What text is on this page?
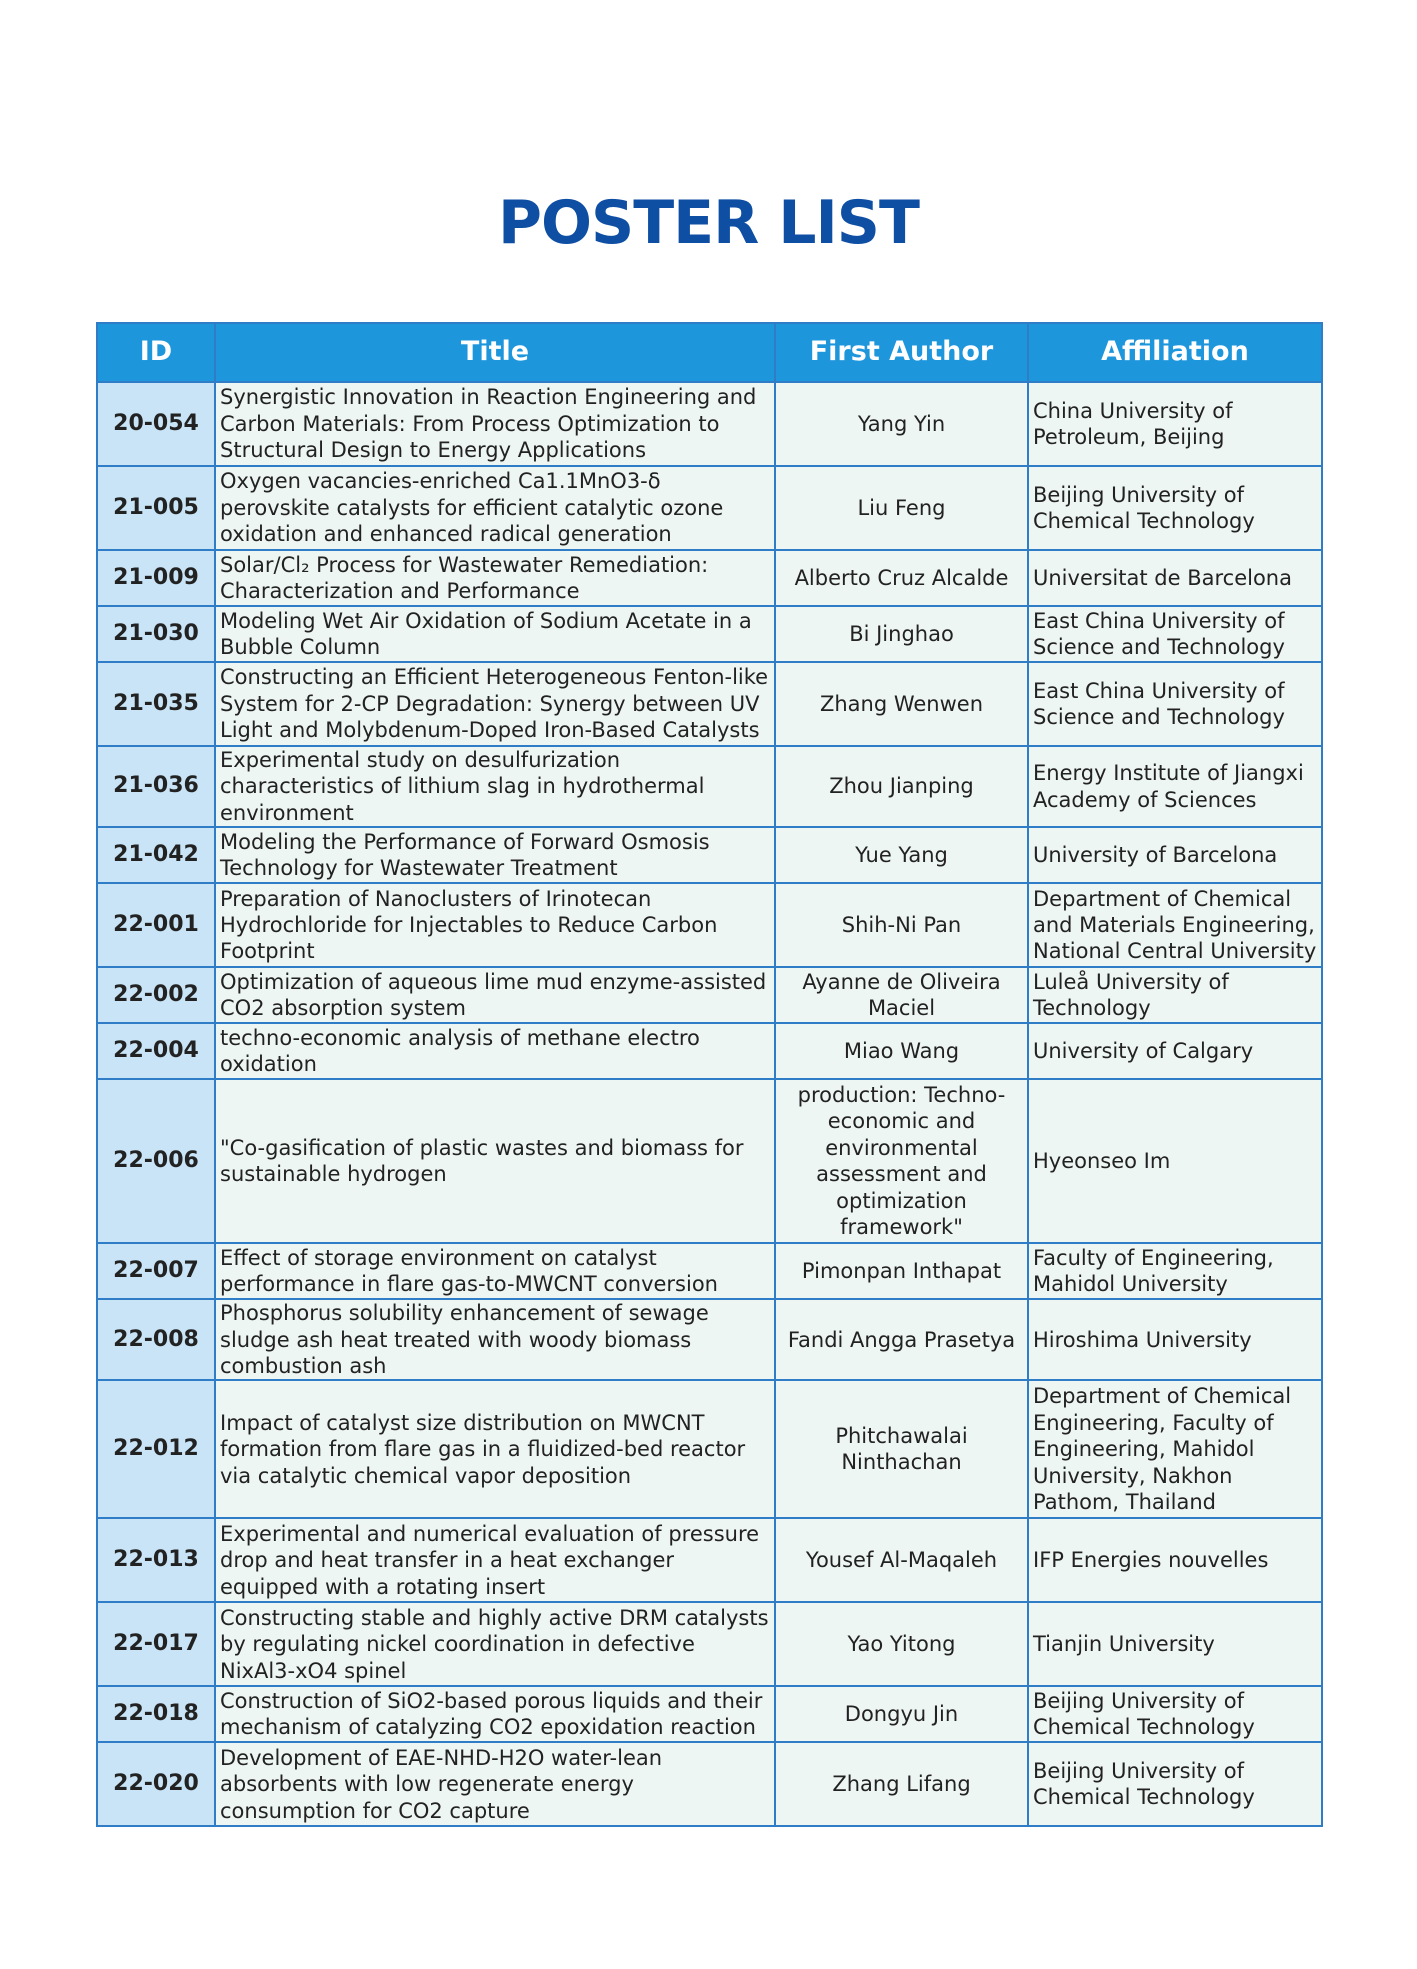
POSTER LIST
ID	Title	First Author	Affiliation
20-054	Synergistic Innovation in Reaction Engineering and Carbon Materials: From Process Optimization to Structural Design to Energy Applications	Yang Yin	China University of Petroleum, Beijing
21-005	Oxygen vacancies-enriched Ca1.1MnO3-δ perovskite catalysts for efficient catalytic ozone oxidation and enhanced radical generation	Liu Feng	Beijing University of Chemical Technology
21-009	Solar/Cl₂ Process for Wastewater Remediation: Characterization and Performance	Alberto Cruz Alcalde	Universitat de Barcelona
21-030	Modeling Wet Air Oxidation of Sodium Acetate in a Bubble Column	Bi Jinghao	East China University of Science and Technology
21-035	Constructing an Efficient Heterogeneous Fenton-like System for 2-CP Degradation: Synergy between UV Light and Molybdenum-Doped Iron-Based Catalysts	Zhang Wenwen	East China University of Science and Technology
21-036	Experimental study on desulfurization characteristics of lithium slag in hydrothermal environment	Zhou Jianping	Energy Institute of Jiangxi Academy of Sciences
21-042	Modeling the Performance of Forward Osmosis Technology for Wastewater Treatment	Yue Yang	University of Barcelona
22-001	Preparation of Nanoclusters of Irinotecan Hydrochloride for Injectables to Reduce Carbon Footprint	Shih-Ni Pan	Department of Chemical and Materials Engineering, National Central University
22-002	Optimization of aqueous lime mud enzyme-assisted CO2 absorption system	Ayanne de Oliveira Maciel	Luleå University of Technology
22-004	techno-economic analysis of methane electro oxidation	Miao Wang	University of Calgary
22-006	"Co-gasification of plastic wastes and biomass for sustainable hydrogen	production: Techno-economic and environmental assessment and optimization framework"	Hyeonseo Im
22-007	Effect of storage environment on catalyst performance in flare gas-to-MWCNT conversion	Pimonpan Inthapat	Faculty of Engineering, Mahidol University
22-008	Phosphorus solubility enhancement of sewage sludge ash heat treated with woody biomass combustion ash	Fandi Angga Prasetya	Hiroshima University
22-012	Impact of catalyst size distribution on MWCNT formation from flare gas in a fluidized-bed reactor via catalytic chemical vapor deposition	Phitchawalai Ninthachan	Department of Chemical Engineering, Faculty of Engineering, Mahidol University, Nakhon Pathom, Thailand
22-013	Experimental and numerical evaluation of pressure drop and heat transfer in a heat exchanger equipped with a rotating insert	Yousef Al-Maqaleh	IFP Energies nouvelles
22-017	Constructing stable and highly active DRM catalysts by regulating nickel coordination in defective NixAl3-xO4 spinel	Yao Yitong	Tianjin University
22-018	Construction of SiO2-based porous liquids and their mechanism of catalyzing CO2 epoxidation reaction	Dongyu Jin	Beijing University of Chemical Technology
22-020	Development of EAE-NHD-H2O water-lean absorbents with low regenerate energy consumption for CO2 capture	Zhang Lifang	Beijing University of Chemical Technology
